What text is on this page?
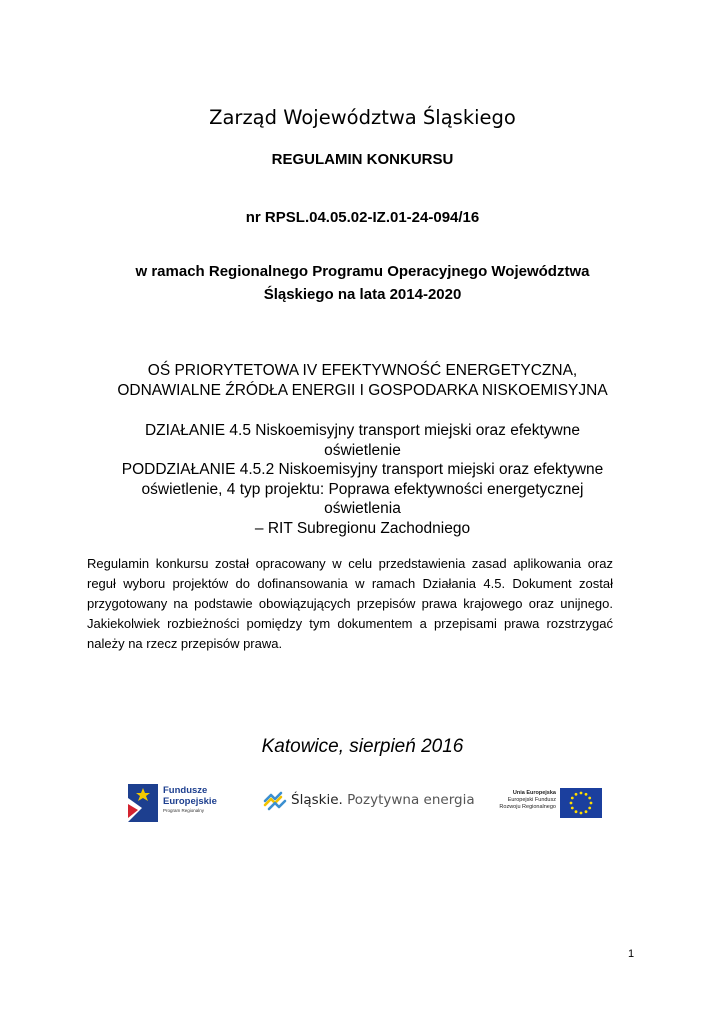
Zarząd Województwa Śląskiego
REGULAMIN KONKURSU
nr RPSL.04.05.02-IZ.01-24-094/16
w ramach Regionalnego Programu Operacyjnego Województwa
Śląskiego na lata 2014-2020
OŚ PRIORYTETOWA IV EFEKTYWNOŚĆ ENERGETYCZNA,
ODNAWIALNE ŹRÓDŁA ENERGII I GOSPODARKA NISKOEMISYJNA
DZIAŁANIE 4.5 Niskoemisyjny transport miejski oraz efektywne
oświetlenie
PODDZIAŁANIE 4.5.2 Niskoemisyjny transport miejski oraz efektywne
oświetlenie, 4 typ projektu: Poprawa efektywności energetycznej
oświetlenia
– RIT Subregionu Zachodniego
Regulamin konkursu został opracowany w celu przedstawienia zasad aplikowania oraz reguł wyboru projektów do dofinansowania w ramach Działania 4.5. Dokument został przygotowany na podstawie obowiązujących przepisów prawa krajowego oraz unijnego. Jakiekolwiek rozbieżności pomiędzy tym dokumentem a przepisami prawa rozstrzygać należy na rzecz przepisów prawa.
Katowice, sierpień 2016
Fundusze
Europejskie
Program Regionalny
Śląskie. Pozytywna energia	Unia Europejska
Europejski Fundusz
Rozwoju Regionalnego
1
